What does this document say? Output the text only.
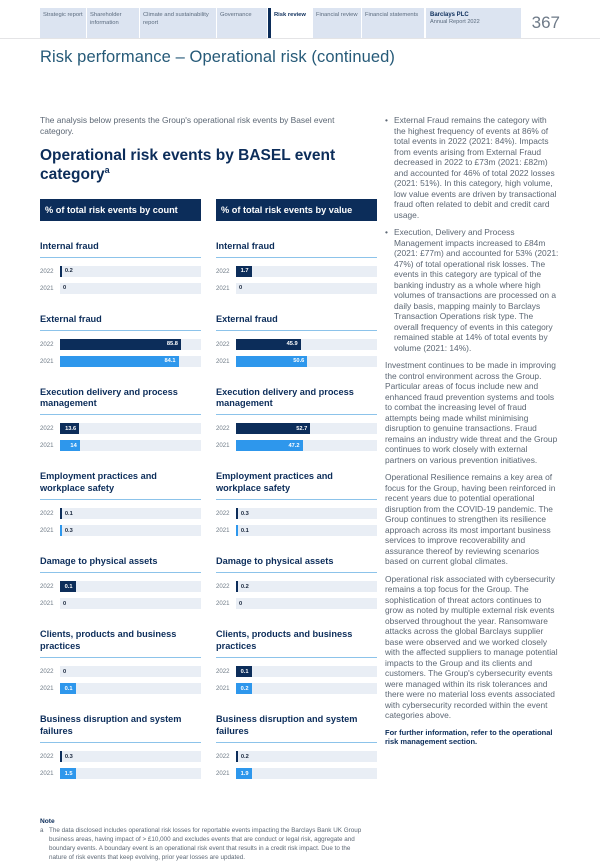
Strategic report	Shareholder information
Climate and sustainability report
Governance	Risk review	Financial review	Financial statements	Barclays PLC
Annual Report 2022	367
Risk performance – Operational risk (continued)
The analysis below presents the Group's operational risk events by Basel event category.
Operational risk events by BASEL event category$^a$
% of total risk events by count
Internal fraud
2022	0.2
2021	0
External fraud
2022	85.8
2021	84.1
Execution delivery and process management
2022	13.6
2021	14
Employment practices and workplace safety
2022	0.1
2021	0.3
Damage to physical assets
2022	0.1
2021	0
Clients, products and business practices
2022	0
2021	0.1
Business disruption and system failures
2022	0.3
2021	1.5
% of total risk events by value
Internal fraud
2022	1.7
2021	0
External fraud
2022	45.9
2021	50.6
Execution delivery and process management
2022	52.7
2021	47.2
Employment practices and workplace safety
2022	0.3
2021	0.1
Damage to physical assets
2022	0.2
2021	0
Clients, products and business practices
2022	0.1
2021	0.2
Business disruption and system failures
2022	0.2
2021	1.9
Note
a The data disclosed includes operational risk losses for reportable events impacting the Barclays Bank UK Group business areas, having impact of > £10,000 and excludes events that are conduct or legal risk, aggregate and boundary events. A boundary event is an operational risk event that results in a credit risk impact. Due to the nature of risk events that keep evolving, prior year losses are updated.
• External Fraud remains the category with the highest frequency of events at 86% of total events in 2022 (2021: 84%). Impacts from events arising from External Fraud decreased in 2022 to £73m (2021: £82m) and accounted for 46% of total 2022 losses (2021: 51%). In this category, high volume, low value events are driven by transactional fraud often related to debit and credit card usage.
• Execution, Delivery and Process Management impacts increased to £84m (2021: £77m) and accounted for 53% (2021: 47%) of total operational risk losses. The events in this category are typical of the banking industry as a whole where high volumes of transactions are processed on a daily basis, mapping mainly to Barclays Transaction Operations risk type. The overall frequency of events in this category remained stable at 14% of total events by volume (2021: 14%).

Investment continues to be made in improving the control environment across the Group. Particular areas of focus include new and enhanced fraud prevention systems and tools to combat the increasing level of fraud attempts being made whilst minimising disruption to genuine transactions. Fraud remains an industry wide threat and the Group continues to work closely with external partners on various prevention initiatives.

Operational Resilience remains a key area of focus for the Group, having been reinforced in recent years due to potential operational disruption from the COVID-19 pandemic. The Group continues to strengthen its resilience approach across its most important business services to improve recoverability and assurance thereof by reviewing scenarios based on current global climates.

Operational risk associated with cybersecurity remains a top focus for the Group. The sophistication of threat actors continues to grow as noted by multiple external risk events observed throughout the year. Ransomware attacks across the global Barclays supplier base were observed and we worked closely with the affected suppliers to manage potential impacts to the Group and its clients and customers. The Group's cybersecurity events were managed within its risk tolerances and there were no material loss events associated with cybersecurity recorded within the event categories above.

For further information, refer to the operational risk management section.
